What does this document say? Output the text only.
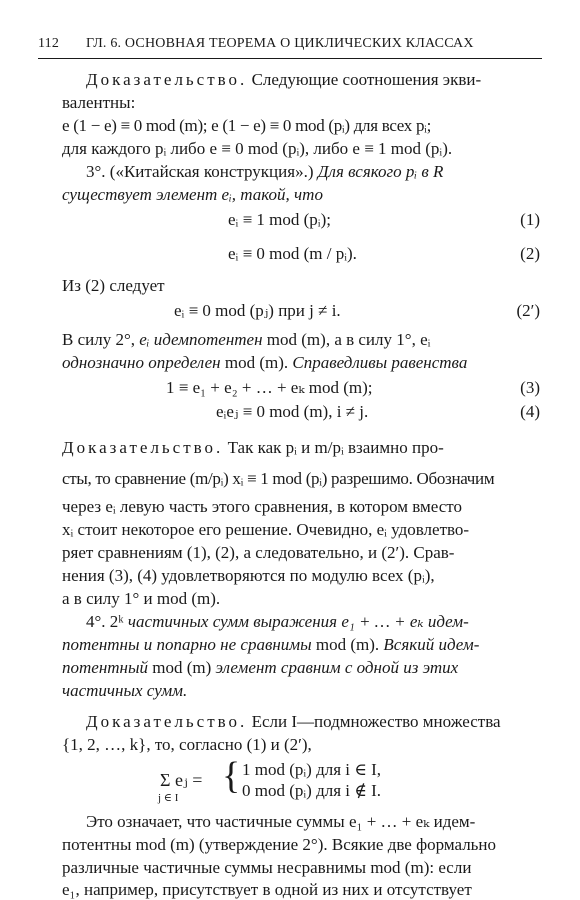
112 ГЛ. 6. ОСНОВНАЯ ТЕОРЕМА О ЦИКЛИЧЕСКИХ КЛАССАХ
Доказательство. Следующие соотношения экви-
валентны:
e (1 − e) ≡ 0 mod (m); e (1 − e) ≡ 0 mod (pᵢ) для всех pᵢ;
для каждого pᵢ либо e ≡ 0 mod (pᵢ), либо e ≡ 1 mod (pᵢ).
3°. («Китайская конструкция».) Для всякого pᵢ в R
существует элемент eᵢ, такой, что
eᵢ ≡ 1 mod (pᵢ);	(1)
eᵢ ≡ 0 mod (m / pᵢ).	(2)
Из (2) следует
eᵢ ≡ 0 mod (pⱼ) при j ≠ i.	(2′)
В силу 2°, eᵢ идемпотентен mod (m), а в силу 1°, eᵢ
однозначно определен mod (m). Справедливы равенства
1 ≡ e₁ + e₂ + … + eₖ mod (m);	(3)
eᵢeⱼ ≡ 0 mod (m), i ≠ j.	(4)
Доказательство. Так как pᵢ и m/pᵢ взаимно про-
сты, то сравнение (m/pᵢ) xᵢ ≡ 1 mod (pᵢ) разрешимо. Обозначим
через eᵢ левую часть этого сравнения, в котором вместо
xᵢ стоит некоторое его решение. Очевидно, eᵢ удовлетво-
ряет сравнениям (1), (2), а следовательно, и (2′). Срав-
нения (3), (4) удовлетворяются по модулю всех (pᵢ),
а в силу 1° и mod (m).
4°. 2ᵏ частичных сумм выражения e₁ + … + eₖ идем-
потентны и попарно не сравнимы mod (m). Всякий идем-
потентный mod (m) элемент сравним с одной из этих
частичных сумм.
Доказательство. Если I—подмножество множества
{1, 2, …, k}, то, согласно (1) и (2′),
Σ eⱼ =
j ∈ I
{ 1 mod (pᵢ) для i ∈ I,
0 mod (pᵢ) для i ∉ I.
Это означает, что частичные суммы e₁ + … + eₖ идем-
потентны mod (m) (утверждение 2°). Всякие две формально
различные частичные суммы несравнимы mod (m): если
e₁, например, присутствует в одной из них и отсутствует
